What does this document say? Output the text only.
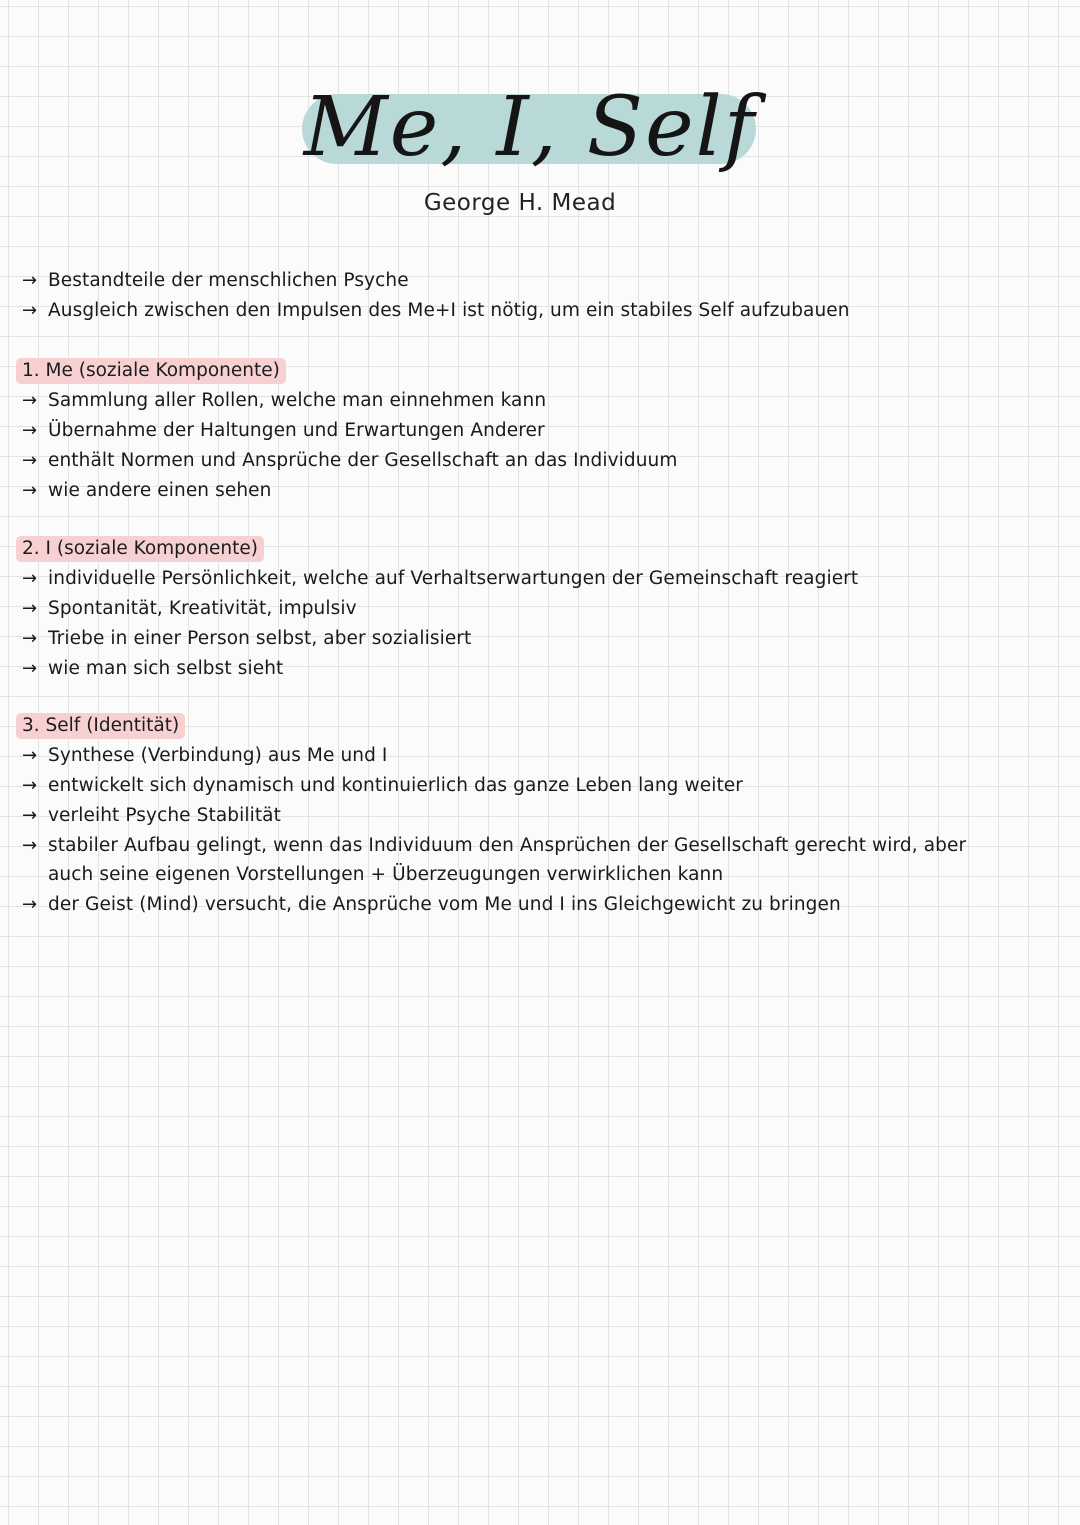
Me, I, Self
George H. Mead
→ Bestandteile der menschlichen Psyche
→ Ausgleich zwischen den Impulsen des Me+I ist nötig, um ein stabiles Self aufzubauen
1. Me (soziale Komponente)
→ Sammlung aller Rollen, welche man einnehmen kann
→ Übernahme der Haltungen und Erwartungen Anderer
→ enthält Normen und Ansprüche der Gesellschaft an das Individuum
→ wie andere einen sehen
2. I (soziale Komponente)
→ individuelle Persönlichkeit, welche auf Verhaltserwartungen der Gemeinschaft reagiert
→ Spontanität, Kreativität, impulsiv
→ Triebe in einer Person selbst, aber sozialisiert
→ wie man sich selbst sieht
3. Self (Identität)
→ Synthese (Verbindung) aus Me und I
→ entwickelt sich dynamisch und kontinuierlich das ganze Leben lang weiter
→ verleiht Psyche Stabilität
→ stabiler Aufbau gelingt, wenn das Individuum den Ansprüchen der Gesellschaft gerecht wird, aber
auch seine eigenen Vorstellungen + Überzeugungen verwirklichen kann
→ der Geist (Mind) versucht, die Ansprüche vom Me und I ins Gleichgewicht zu bringen
